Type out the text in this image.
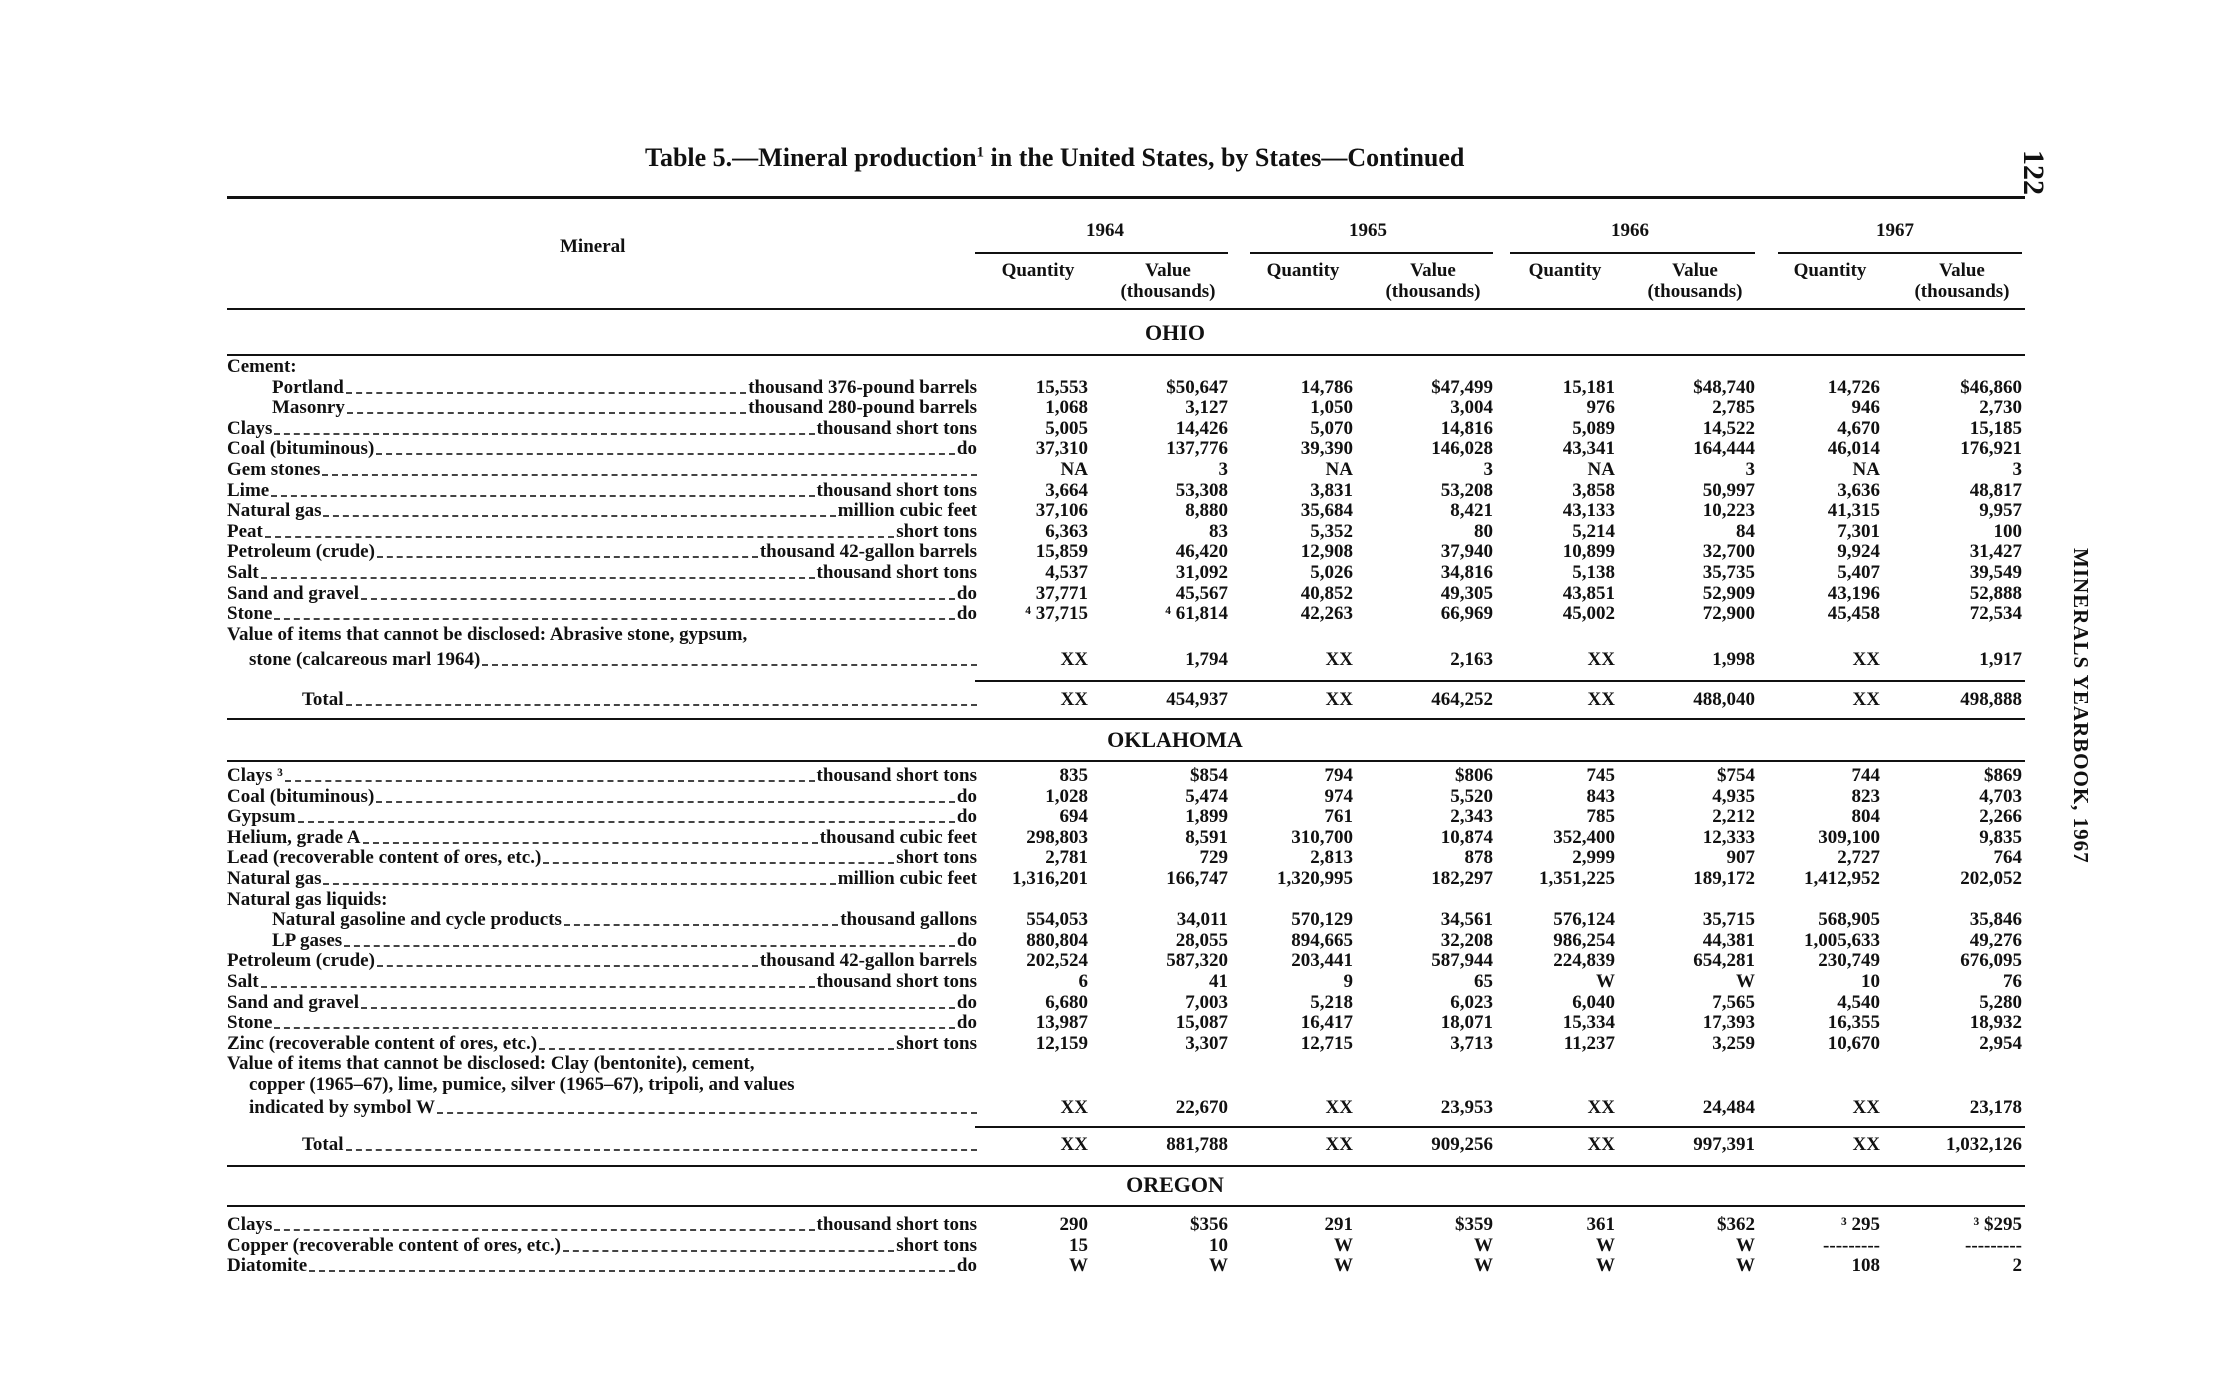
Table 5.—Mineral production$^1$ in the United States, by States—Continued	122
MINERALS YEARBOOK, 1967
Mineral
1964
Quantity	Value
(thousands)
1965
Quantity	Value
(thousands)
1966
Quantity	Value
(thousands)
1967
Quantity	Value
(thousands)
OHIO
Cement:
Portland	thousand 376-pound barrels	15,553	$50,647	14,786	$47,499	15,181	$48,740	14,726	$46,860
Masonry	thousand 280-pound barrels	1,068	3,127	1,050	3,004	976	2,785	946	2,730
Clays	thousand short tons	5,005	14,426	5,070	14,816	5,089	14,522	4,670	15,185
Coal (bituminous)	do	37,310	137,776	39,390	146,028	43,341	164,444	46,014	176,921
Gem stones	NA	3	NA	3	NA	3	NA	3
Lime	thousand short tons	3,664	53,308	3,831	53,208	3,858	50,997	3,636	48,817
Natural gas	million cubic feet	37,106	8,880	35,684	8,421	43,133	10,223	41,315	9,957
Peat	short tons	6,363	83	5,352	80	5,214	84	7,301	100
Petroleum (crude)	thousand 42-gallon barrels	15,859	46,420	12,908	37,940	10,899	32,700	9,924	31,427
Salt	thousand short tons	4,537	31,092	5,026	34,816	5,138	35,735	5,407	39,549
Sand and gravel	do	37,771	45,567	40,852	49,305	43,851	52,909	43,196	52,888
Stone	do	⁴ 37,715	⁴ 61,814	42,263	66,969	45,002	72,900	45,458	72,534
Value of items that cannot be disclosed: Abrasive stone, gypsum,
stone (calcareous marl 1964)	XX	1,794	XX	2,163	XX	1,998	XX	1,917
Total	XX	454,937	XX	464,252	XX	488,040	XX	498,888
OKLAHOMA
Clays ³	thousand short tons	835	$854	794	$806	745	$754	744	$869
Coal (bituminous)	do	1,028	5,474	974	5,520	843	4,935	823	4,703
Gypsum	do	694	1,899	761	2,343	785	2,212	804	2,266
Helium, grade A	thousand cubic feet	298,803	8,591	310,700	10,874	352,400	12,333	309,100	9,835
Lead (recoverable content of ores, etc.)	short tons	2,781	729	2,813	878	2,999	907	2,727	764
Natural gas	million cubic feet	1,316,201	166,747	1,320,995	182,297	1,351,225	189,172	1,412,952	202,052
Natural gas liquids:
Natural gasoline and cycle products	thousand gallons	554,053	34,011	570,129	34,561	576,124	35,715	568,905	35,846
LP gases	do	880,804	28,055	894,665	32,208	986,254	44,381	1,005,633	49,276
Petroleum (crude)	thousand 42-gallon barrels	202,524	587,320	203,441	587,944	224,839	654,281	230,749	676,095
Salt	thousand short tons	6	41	9	65	W	W	10	76
Sand and gravel	do	6,680	7,003	5,218	6,023	6,040	7,565	4,540	5,280
Stone	do	13,987	15,087	16,417	18,071	15,334	17,393	16,355	18,932
Zinc (recoverable content of ores, etc.)	short tons	12,159	3,307	12,715	3,713	11,237	3,259	10,670	2,954
Value of items that cannot be disclosed: Clay (bentonite), cement,
copper (1965–67), lime, pumice, silver (1965–67), tripoli, and values
indicated by symbol W	XX	22,670	XX	23,953	XX	24,484	XX	23,178
Total	XX	881,788	XX	909,256	XX	997,391	XX	1,032,126
OREGON
Clays	thousand short tons	290	$356	291	$359	361	$362	³ 295	³ $295
Copper (recoverable content of ores, etc.)	short tons	15	10	W	W	W	W	---------	---------
Diatomite	do	W	W	W	W	W	W	108	2
